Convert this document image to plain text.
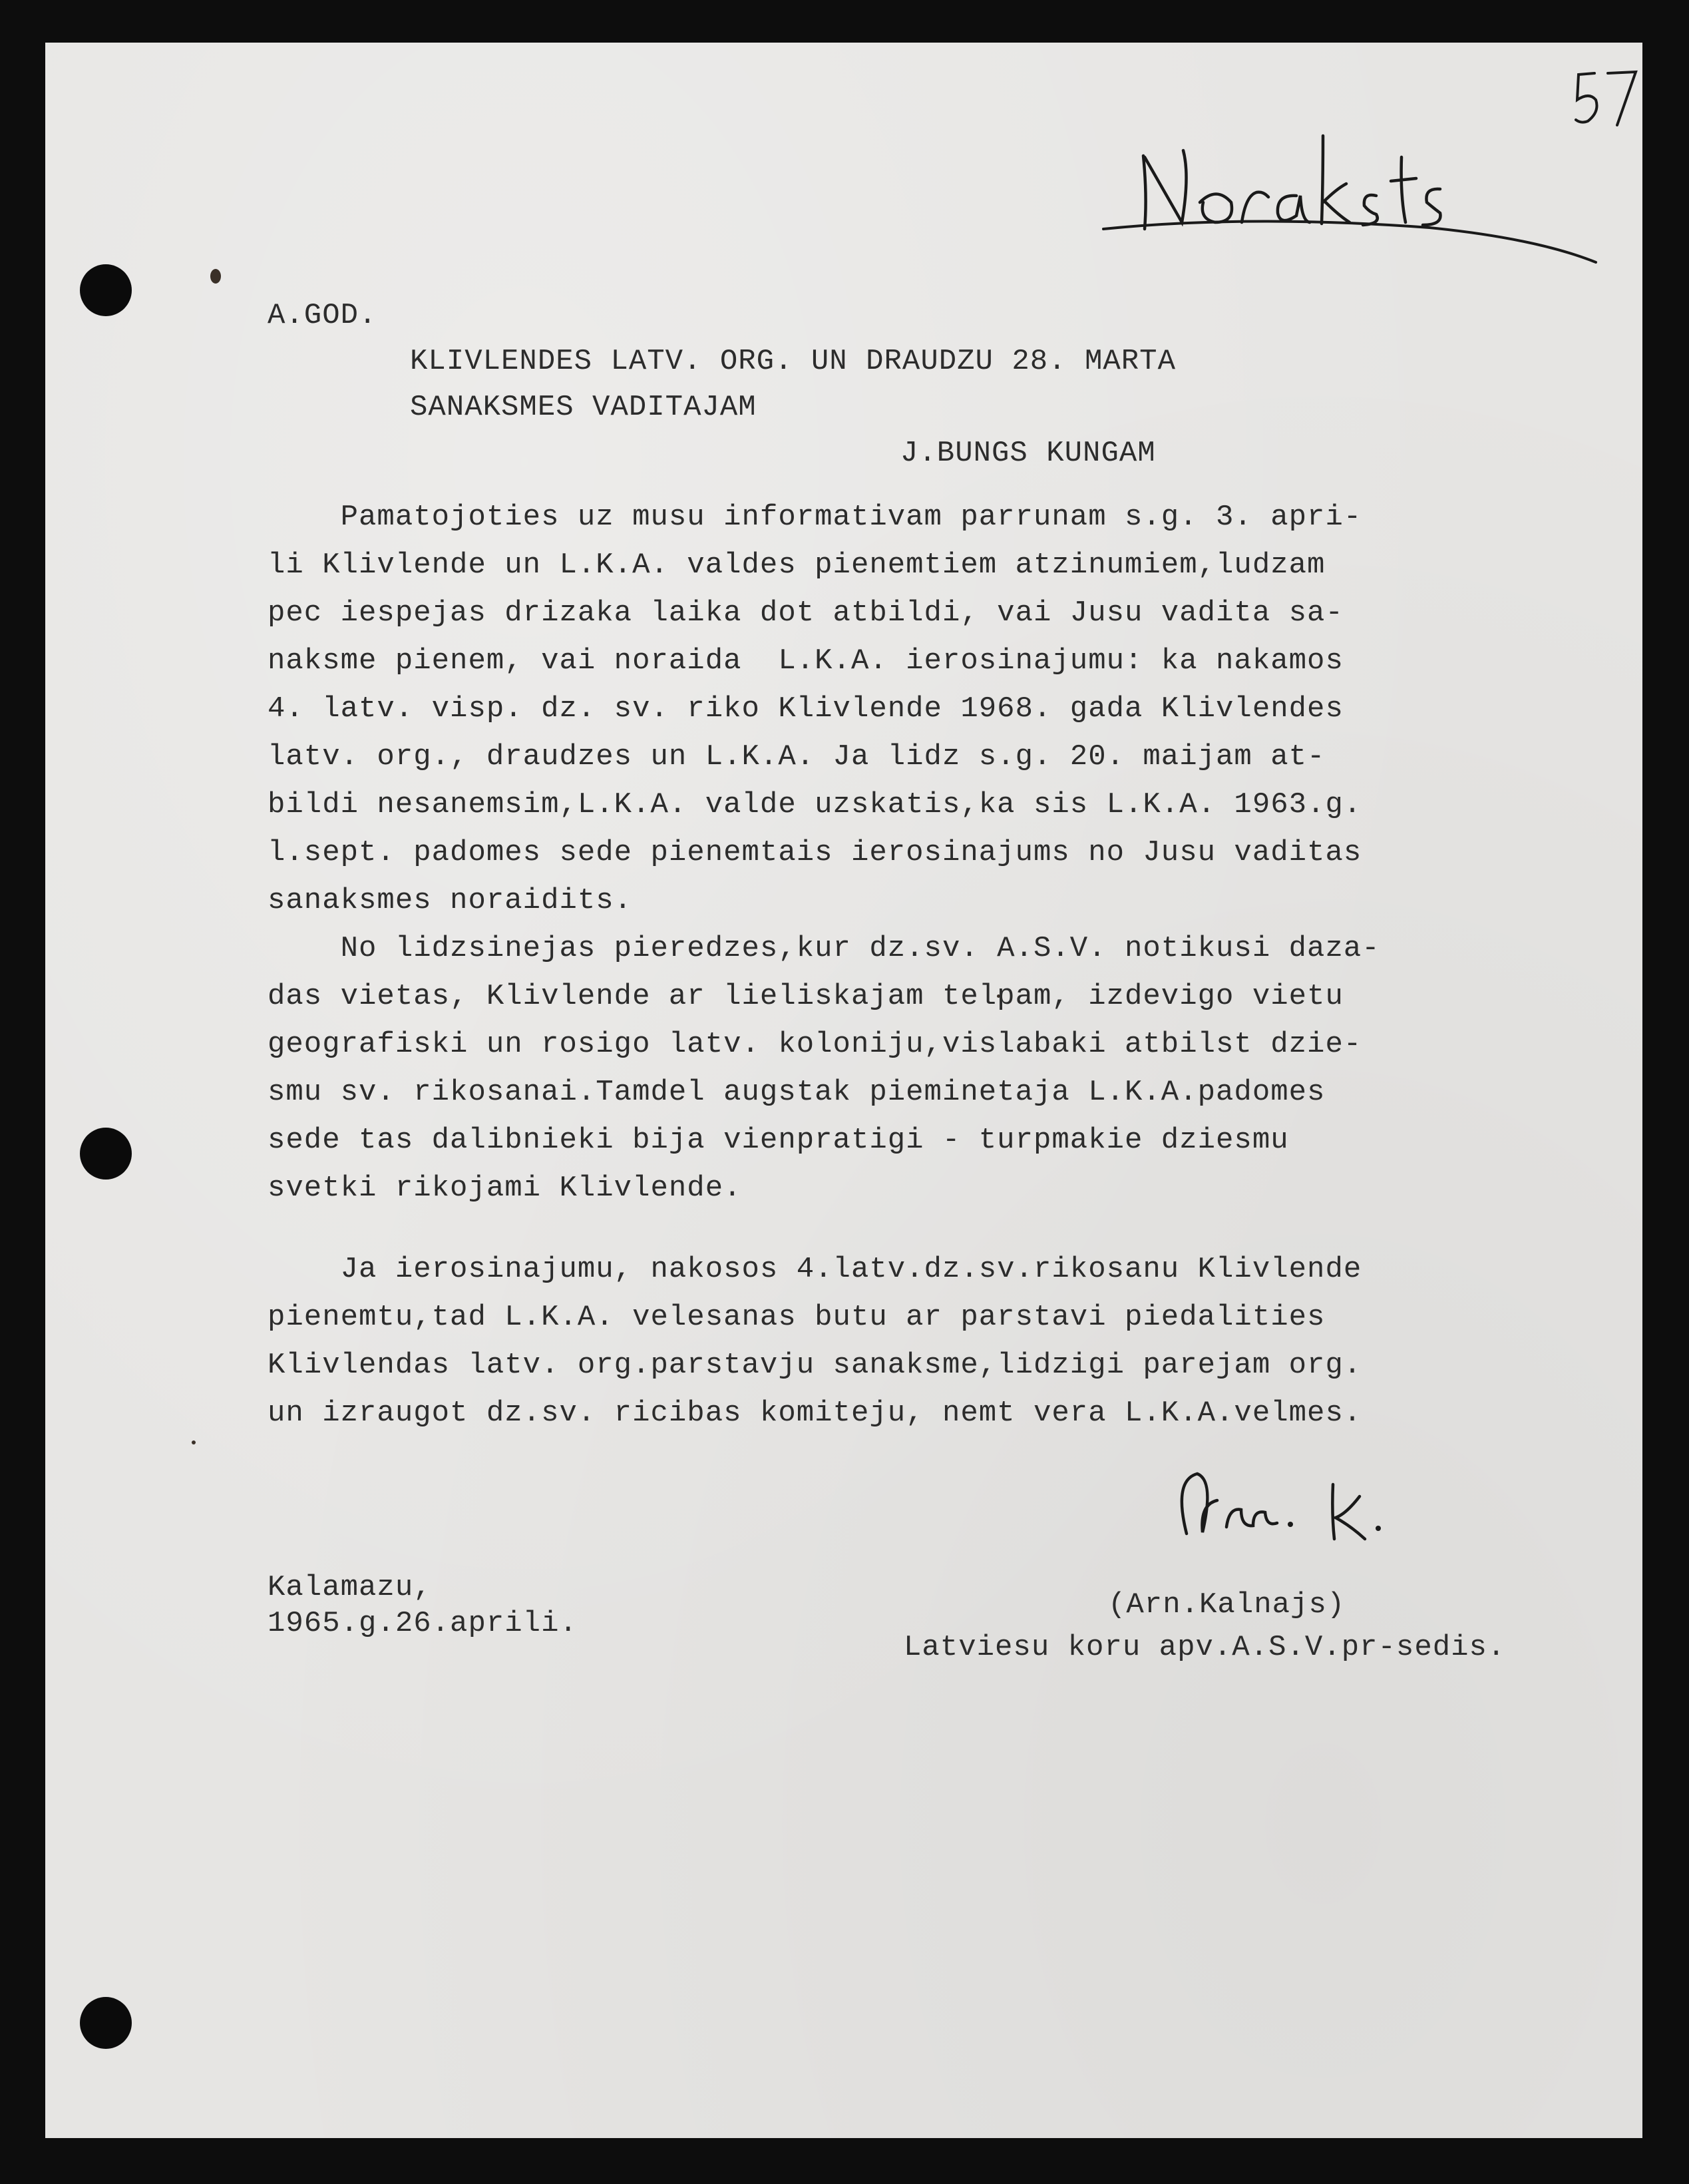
A.GOD.
KLIVLENDES LATV. ORG. UN DRAUDZU 28. MARTA
SANAKSMES VADITAJAM
J.BUNGS KUNGAM

Pamatojoties uz musu informativam parrunam s.g. 3. apri-

li Klivlende un L.K.A. valdes pienemtiem atzinumiem,ludzam

pec iespejas drizaka laika dot atbildi, vai Jusu vadita sa-

naksme pienem, vai noraida  L.K.A. ierosinajumu: ka nakamos

4. latv. visp. dz. sv. riko Klivlende 1968. gada Klivlendes

latv. org., draudzes un L.K.A. Ja lidz s.g. 20. maijam at-

bildi nesanemsim,L.K.A. valde uzskatis,ka sis L.K.A. 1963.g.

l.sept. padomes sede pienemtais ierosinajums no Jusu vaditas

sanaksmes noraidits.

No lidzsinejas pieredzes,kur dz.sv. A.S.V. notikusi daza-

das vietas, Klivlende ar lieliskajam telpam, izdevigo vietu

geografiski un rosigo latv. koloniju,vislabaki atbilst dzie-

smu sv. rikosanai.Tamdel augstak pieminetaja L.K.A.padomes

sede tas dalibnieki bija vienpratigi - turpmakie dziesmu

svetki rikojami Klivlende.

Ja ierosinajumu, nakosos 4.latv.dz.sv.rikosanu Klivlende

pienemtu,tad L.K.A. velesanas butu ar parstavi piedalities

Klivlendas latv. org.parstavju sanaksme,lidzigi parejam org.

un izraugot dz.sv. ricibas komiteju, nemt vera L.K.A.velmes.

Kalamazu,
1965.g.26.aprili.
(Arn.Kalnajs)
Latviesu koru apv.A.S.V.pr-sedis.
